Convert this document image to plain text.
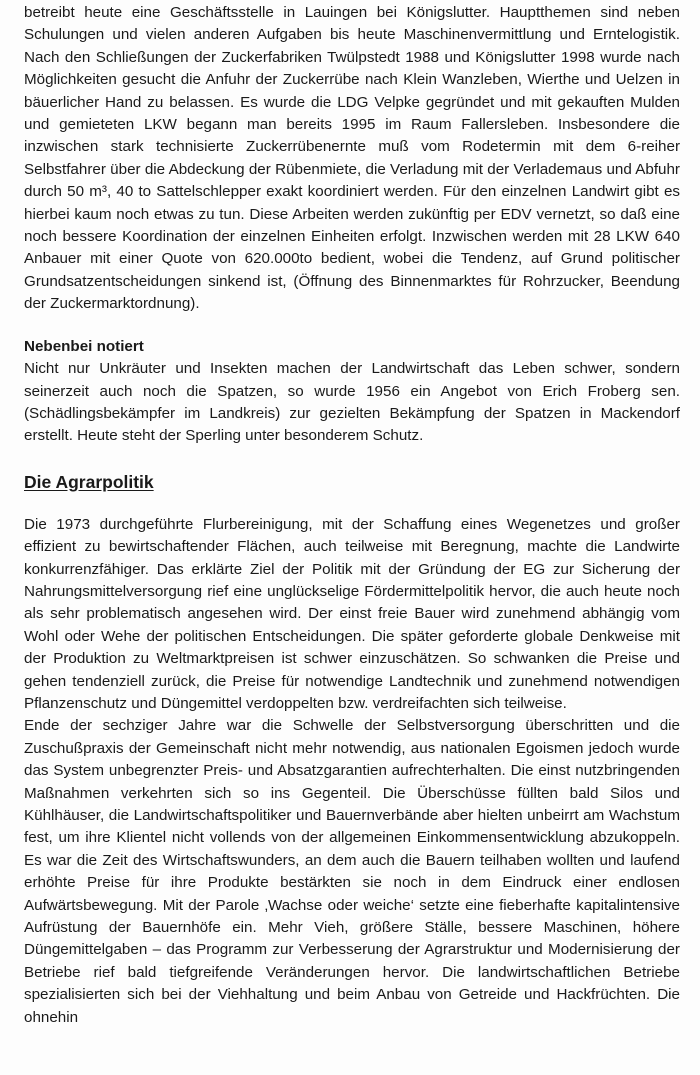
betreibt heute eine Geschäftsstelle in Lauingen bei Königslutter. Hauptthemen sind neben Schulungen und vielen anderen Aufgaben bis heute Maschinenvermittlung und Erntelogistik. Nach den Schließungen der Zuckerfabriken Twülpstedt 1988 und Königslutter 1998 wurde nach Möglichkeiten gesucht die Anfuhr der Zuckerrübe nach Klein Wanzleben, Wierthe und Uelzen in bäuerlicher Hand zu belassen. Es wurde die LDG Velpke gegründet und mit gekauften Mulden und gemieteten LKW begann man bereits 1995 im Raum Fallersleben. Insbesondere die inzwischen stark technisierte Zuckerrübenernte muß vom Rodetermin mit dem 6-reiher Selbstfahrer über die Abdeckung der Rübenmiete, die Verladung mit der Verlademaus und Abfuhr durch 50 m³, 40 to Sattelschlepper exakt koordiniert werden. Für den einzelnen Landwirt gibt es hierbei kaum noch etwas zu tun. Diese Arbeiten werden zukünftig per EDV vernetzt, so daß eine noch bessere Koordination der einzelnen Einheiten erfolgt. Inzwischen werden mit 28 LKW 640 Anbauer mit einer Quote von 620.000to bedient, wobei die Tendenz, auf Grund politischer Grundsatzentscheidungen sinkend ist, (Öffnung des Binnenmarktes für Rohrzucker, Beendung der Zuckermarktordnung).

Nebenbei notiert

Nicht nur Unkräuter und Insekten machen der Landwirtschaft das Leben schwer, sondern seinerzeit auch noch die Spatzen, so wurde 1956 ein Angebot von Erich Froberg sen.(Schädlingsbekämpfer im Landkreis) zur gezielten Bekämpfung der Spatzen in Mackendorf erstellt. Heute steht der Sperling unter besonderem Schutz.

Die Agrarpolitik

Die 1973 durchgeführte Flurbereinigung, mit der Schaffung eines Wegenetzes und großer effizient zu bewirtschaftender Flächen, auch teilweise mit Beregnung, machte die Landwirte konkurrenzfähiger. Das erklärte Ziel der Politik mit der Gründung der EG zur Sicherung der Nahrungsmittelversorgung rief eine unglückselige Fördermittelpolitik hervor, die auch heute noch als sehr problematisch angesehen wird. Der einst freie Bauer wird zunehmend abhängig vom Wohl oder Wehe der politischen Entscheidungen. Die später geforderte globale Denkweise mit der Produktion zu Weltmarktpreisen ist schwer einzuschätzen. So schwanken die Preise und gehen tendenziell zurück, die Preise für notwendige Landtechnik und zunehmend notwendigen Pflanzenschutz und Düngemittel verdoppelten bzw. verdreifachten sich teilweise.

Ende der sechziger Jahre war die Schwelle der Selbstversorgung überschritten und die Zuschußpraxis der Gemeinschaft nicht mehr notwendig, aus nationalen Egoismen jedoch wurde das System unbegrenzter Preis- und Absatzgarantien aufrechterhalten. Die einst nutzbringenden Maßnahmen verkehrten sich so ins Gegenteil. Die Überschüsse füllten bald Silos und Kühlhäuser, die Landwirtschaftspolitiker und Bauernverbände aber hielten unbeirrt am Wachstum fest, um ihre Klientel nicht vollends von der allgemeinen Einkommensentwicklung abzukoppeln. Es war die Zeit des Wirtschaftswunders, an dem auch die Bauern teilhaben wollten und laufend erhöhte Preise für ihre Produkte bestärkten sie noch in dem Eindruck einer endlosen Aufwärtsbewegung. Mit der Parole ‚Wachse oder weiche‘ setzte eine fieberhafte kapitalintensive Aufrüstung der Bauernhöfe ein. Mehr Vieh, größere Ställe, bessere Maschinen, höhere Düngemittelgaben – das Programm zur Verbesserung der Agrarstruktur und Modernisierung der Betriebe rief bald tiefgreifende Veränderungen hervor. Die landwirtschaftlichen Betriebe spezialisierten sich bei der Viehhaltung und beim Anbau von Getreide und Hackfrüchten. Die ohnehin
